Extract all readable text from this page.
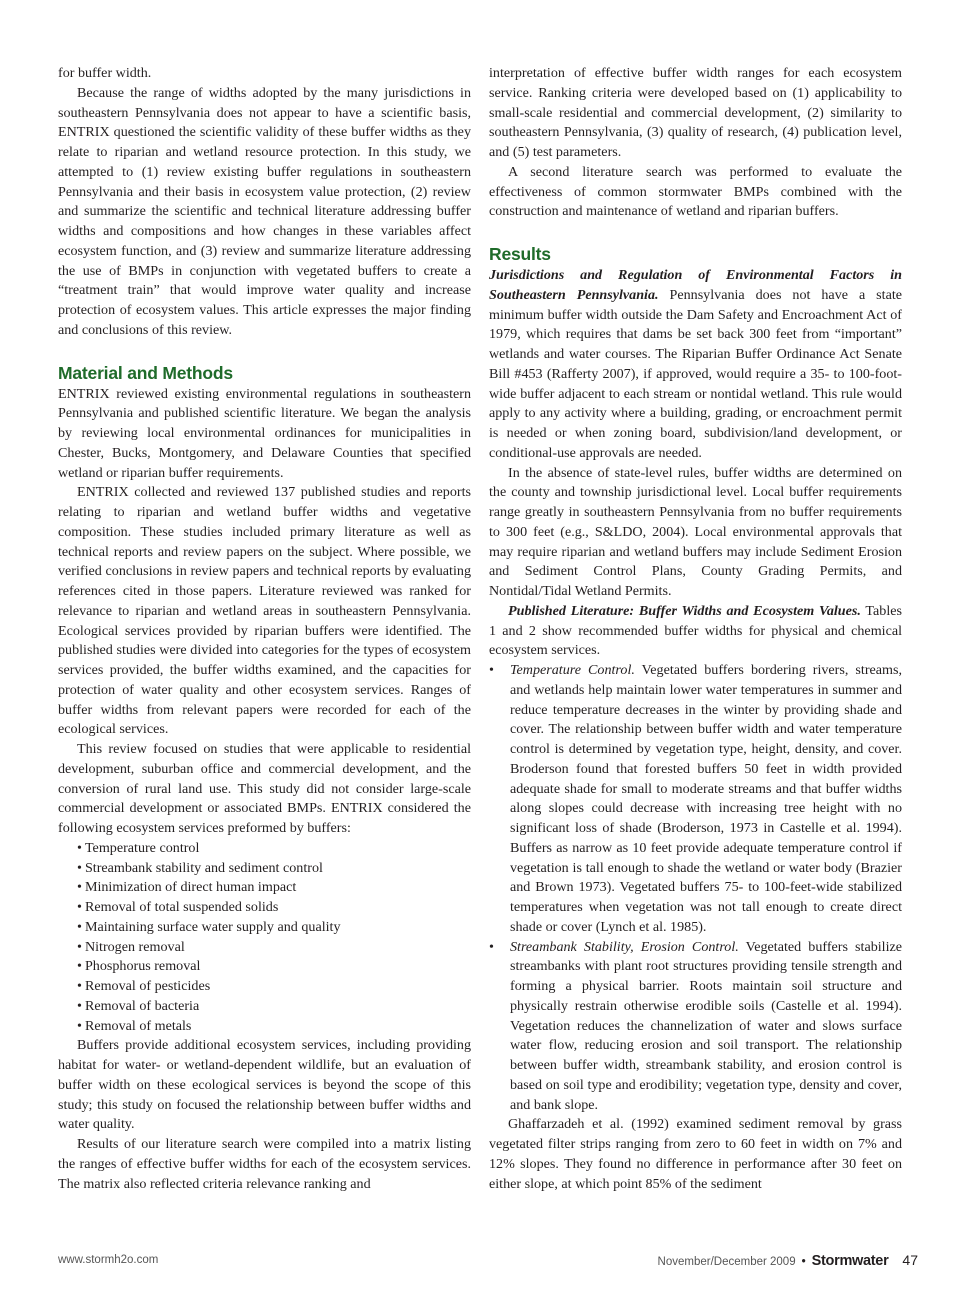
for buffer width.

Because the range of widths adopted by the many jurisdictions in southeastern Pennsylvania does not appear to have a scientific basis, ENTRIX questioned the scientific validity of these buffer widths as they relate to riparian and wetland resource protection. In this study, we attempted to (1) review existing buffer regulations in southeastern Pennsylvania and their basis in ecosystem value protection, (2) review and summarize the scientific and technical literature addressing buffer widths and compositions and how changes in these variables affect ecosystem function, and (3) review and summarize literature addressing the use of BMPs in conjunction with vegetated buffers to create a “treatment train” that would improve water quality and increase protection of ecosystem values. This article expresses the major finding and conclusions of this review.

Material and Methods

ENTRIX reviewed existing environmental regulations in southeastern Pennsylvania and published scientific literature. We began the analysis by reviewing local environmental ordinances for municipalities in Chester, Bucks, Montgomery, and Delaware Counties that specified wetland or riparian buffer requirements.

ENTRIX collected and reviewed 137 published studies and reports relating to riparian and wetland buffer widths and vegetative composition. These studies included primary literature as well as technical reports and review papers on the subject. Where possible, we verified conclusions in review papers and technical reports by evaluating references cited in those papers. Literature reviewed was ranked for relevance to riparian and wetland areas in southeastern Pennsylvania. Ecological services provided by riparian buffers were identified. The published studies were divided into categories for the types of ecosystem services provided, the buffer widths examined, and the capacities for protection of water quality and other ecosystem services. Ranges of buffer widths from relevant papers were recorded for each of the ecological services.

This review focused on studies that were applicable to residential development, suburban office and commercial development, and the conversion of rural land use. This study did not consider large-scale commercial development or associated BMPs. ENTRIX considered the following ecosystem services preformed by buffers:

• Temperature control
• Streambank stability and sediment control
• Minimization of direct human impact
• Removal of total suspended solids
• Maintaining surface water supply and quality
• Nitrogen removal
• Phosphorus removal
• Removal of pesticides
• Removal of bacteria
• Removal of metals

Buffers provide additional ecosystem services, including providing habitat for water- or wetland-dependent wildlife, but an evaluation of buffer width on these ecological services is beyond the scope of this study; this study on focused the relationship between buffer widths and water quality.

Results of our literature search were compiled into a matrix listing the ranges of effective buffer widths for each of the ecosystem services. The matrix also reflected criteria relevance ranking and

interpretation of effective buffer width ranges for each ecosystem service. Ranking criteria were developed based on (1) applicability to small-scale residential and commercial development, (2) similarity to southeastern Pennsylvania, (3) quality of research, (4) publication level, and (5) test parameters.

A second literature search was performed to evaluate the effectiveness of common stormwater BMPs combined with the construction and maintenance of wetland and riparian buffers.

Results

Jurisdictions and Regulation of Environmental Factors in Southeastern Pennsylvania. Pennsylvania does not have a state minimum buffer width outside the Dam Safety and Encroachment Act of 1979, which requires that dams be set back 300 feet from “important” wetlands and water courses. The Riparian Buffer Ordinance Act Senate Bill #453 (Rafferty 2007), if approved, would require a 35- to 100-foot-wide buffer adjacent to each stream or nontidal wetland. This rule would apply to any activity where a building, grading, or encroachment permit is needed or when zoning board, subdivision/land development, or conditional-use approvals are needed.

In the absence of state-level rules, buffer widths are determined on the county and township jurisdictional level. Local buffer requirements range greatly in southeastern Pennsylvania from no buffer requirements to 300 feet (e.g., S&LDO, 2004). Local environmental approvals that may require riparian and wetland buffers may include Sediment Erosion and Sediment Control Plans, County Grading Permits, and Nontidal/Tidal Wetland Permits.

Published Literature: Buffer Widths and Ecosystem Values. Tables 1 and 2 show recommended buffer widths for physical and chemical ecosystem services.

• Temperature Control. Vegetated buffers bordering rivers, streams, and wetlands help maintain lower water temperatures in summer and reduce temperature decreases in the winter by providing shade and cover. The relationship between buffer width and water temperature control is determined by vegetation type, height, density, and cover. Broderson found that forested buffers 50 feet in width provided adequate shade for small to moderate streams and that buffer widths along slopes could decrease with increasing tree height with no significant loss of shade (Broderson, 1973 in Castelle et al. 1994). Buffers as narrow as 10 feet provide adequate temperature control if vegetation is tall enough to shade the wetland or water body (Brazier and Brown 1973). Vegetated buffers 75- to 100-feet-wide stabilized temperatures when vegetation was not tall enough to create direct shade or cover (Lynch et al. 1985).
• Streambank Stability, Erosion Control. Vegetated buffers stabilize streambanks with plant root structures providing tensile strength and forming a physical barrier. Roots maintain soil structure and physically restrain otherwise erodible soils (Castelle et al. 1994). Vegetation reduces the channelization of water and slows surface water flow, reducing erosion and soil transport. The relationship between buffer width, streambank stability, and erosion control is based on soil type and erodibility; vegetation type, density and cover, and bank slope.

Ghaffarzadeh et al. (1992) examined sediment removal by grass vegetated filter strips ranging from zero to 60 feet in width on 7% and 12% slopes. They found no difference in performance after 30 feet on either slope, at which point 85% of the sediment

www.stormh2o.com	November/December 2009 • Stormwater 47
